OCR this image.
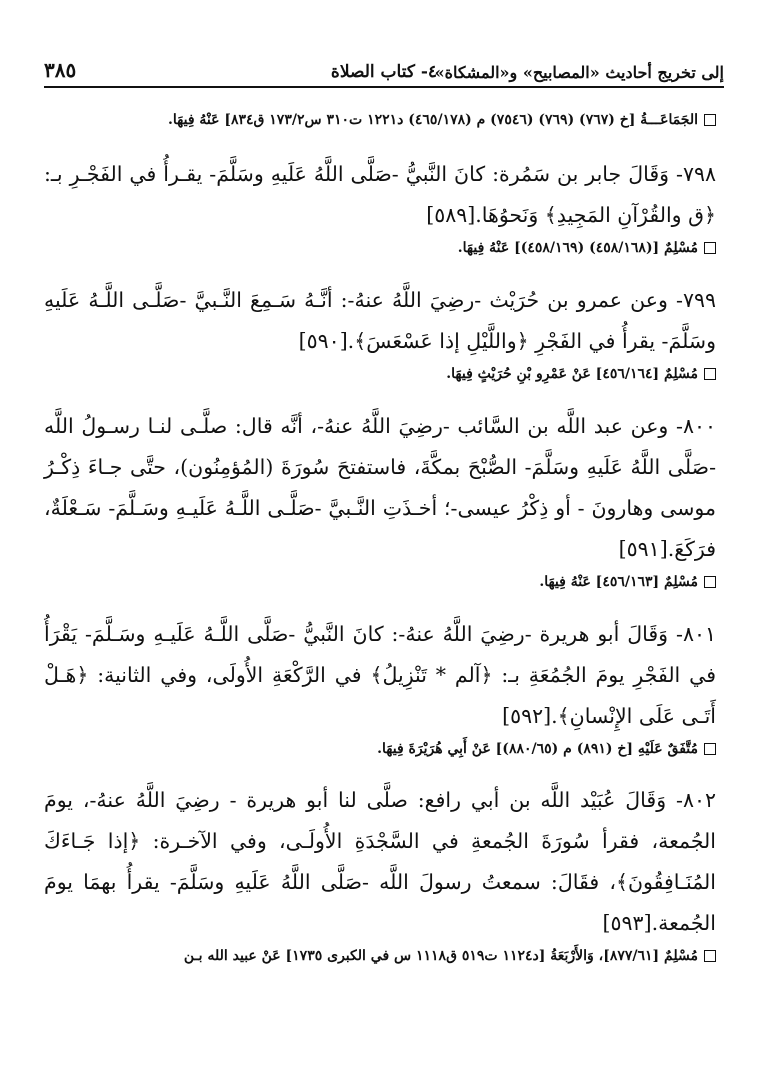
إلى تخريج أحاديث «المصابيح» و«المشكاة»
٤- كتاب الصلاة
٣٨٥

الجَمَاعَـــةُ [خ (٧٦٧) (٧٦٩) (٧٥٤٦) م (٤٦٥/١٧٨) د١٢٢١ ت٣١٠ س١٧٣/٢ ق٨٣٤] عَنْهُ فِيهَا.

٧٩٨- وَقَالَ جابر بن سَمُرة: كانَ النَّبيُّ -صَلَّى اللَّهُ عَلَيهِ وسَلَّمَ- يقـرأُ في الفَجْـرِ بـ: ﴿ق والقُرْآنِ المَجِيدِ﴾ وَنَحوُهَا.[٥٨٩]

مُسْلِمٌ [(٤٥٨/١٦٨) (٤٥٨/١٦٩)] عَنْهُ فِيهَا.

٧٩٩- وعن عمرو بن حُرَيْث -رضِيَ اللَّهُ عنهُ-: أنَّـهُ سَـمِعَ النَّـبيَّ -صَلَّـى اللَّـهُ عَلَيهِ وسَلَّمَ- يقرأُ في الفَجْرِ ﴿واللَّيْلِ إذا عَسْعَسَ﴾.[٥٩٠]

مُسْلِمٌ [٤٥٦/١٦٤] عَنْ عَمْرِو بْنِ حُرَيْثٍ فِيهَا.

٨٠٠- وعن عبد اللَّه بن السَّائب -رضِيَ اللَّهُ عنهُ-، أنَّه قال: صلَّـى لنـا رسـولُ اللَّه -صَلَّى اللَّهُ عَلَيهِ وسَلَّمَ- الصُّبْحَ بمكَّةَ، فاستفتحَ سُورَةَ (المُؤمِنُون)، حتَّى جـاءَ ذِكْـرُ موسى وهارونَ - أو ذِكْرُ عيسى-؛ أخـذَتِ النَّـبيَّ -صَلَّـى اللَّـهُ عَلَيـهِ وسَـلَّمَ- سَـعْلَةٌ، فرَكَعَ.[٥٩١]

مُسْلِمٌ [٤٥٦/١٦٣] عَنْهُ فِيهَا.

٨٠١- وَقَالَ أبو هريرة -رضِيَ اللَّهُ عنهُ-: كانَ النَّبيُّ -صَلَّى اللَّـهُ عَلَيـهِ وسَـلَّمَ- يَقْرَأُ في الفَجْرِ يومَ الجُمُعَةِ بـ: ﴿آلم * تَنْزِيلُ﴾ في الرَّكْعَةِ الأُولَى، وفي الثانية: ﴿هَـلْ أَتَـى عَلَى الإِنْسانِ﴾.[٥٩٢]

مُتَّفَقٌ عَلَيْهِ [خ (٨٩١) م (٨٨٠/٦٥)] عَنْ أَبِي هُرَيْرَةَ فِيهَا.

٨٠٢- وَقَالَ عُبَيْد اللَّه بن أبي رافع: صلَّى لنا أبو هريرة - رضِيَ اللَّهُ عنهُ-، يومَ الجُمعة، فقرأ سُورَةَ الجُمعةِ في السَّجْدَةِ الأُولَـى، وفي الآخـرة: ﴿إذا جَـاءَكَ المُنَـافِقُونَ﴾، فقَالَ: سمعتُ رسولَ اللَّه -صَلَّى اللَّهُ عَلَيهِ وسَلَّمَ- يقرأُ بهمَا يومَ الجُمعة.[٥٩٣]

مُسْلِمٌ [٨٧٧/٦١]، وَالأَرْبَعَةُ [د١١٢٤ ت٥١٩ ق١١١٨ س في الكبرى ١٧٣٥] عَنْ عبيد الله بـن
